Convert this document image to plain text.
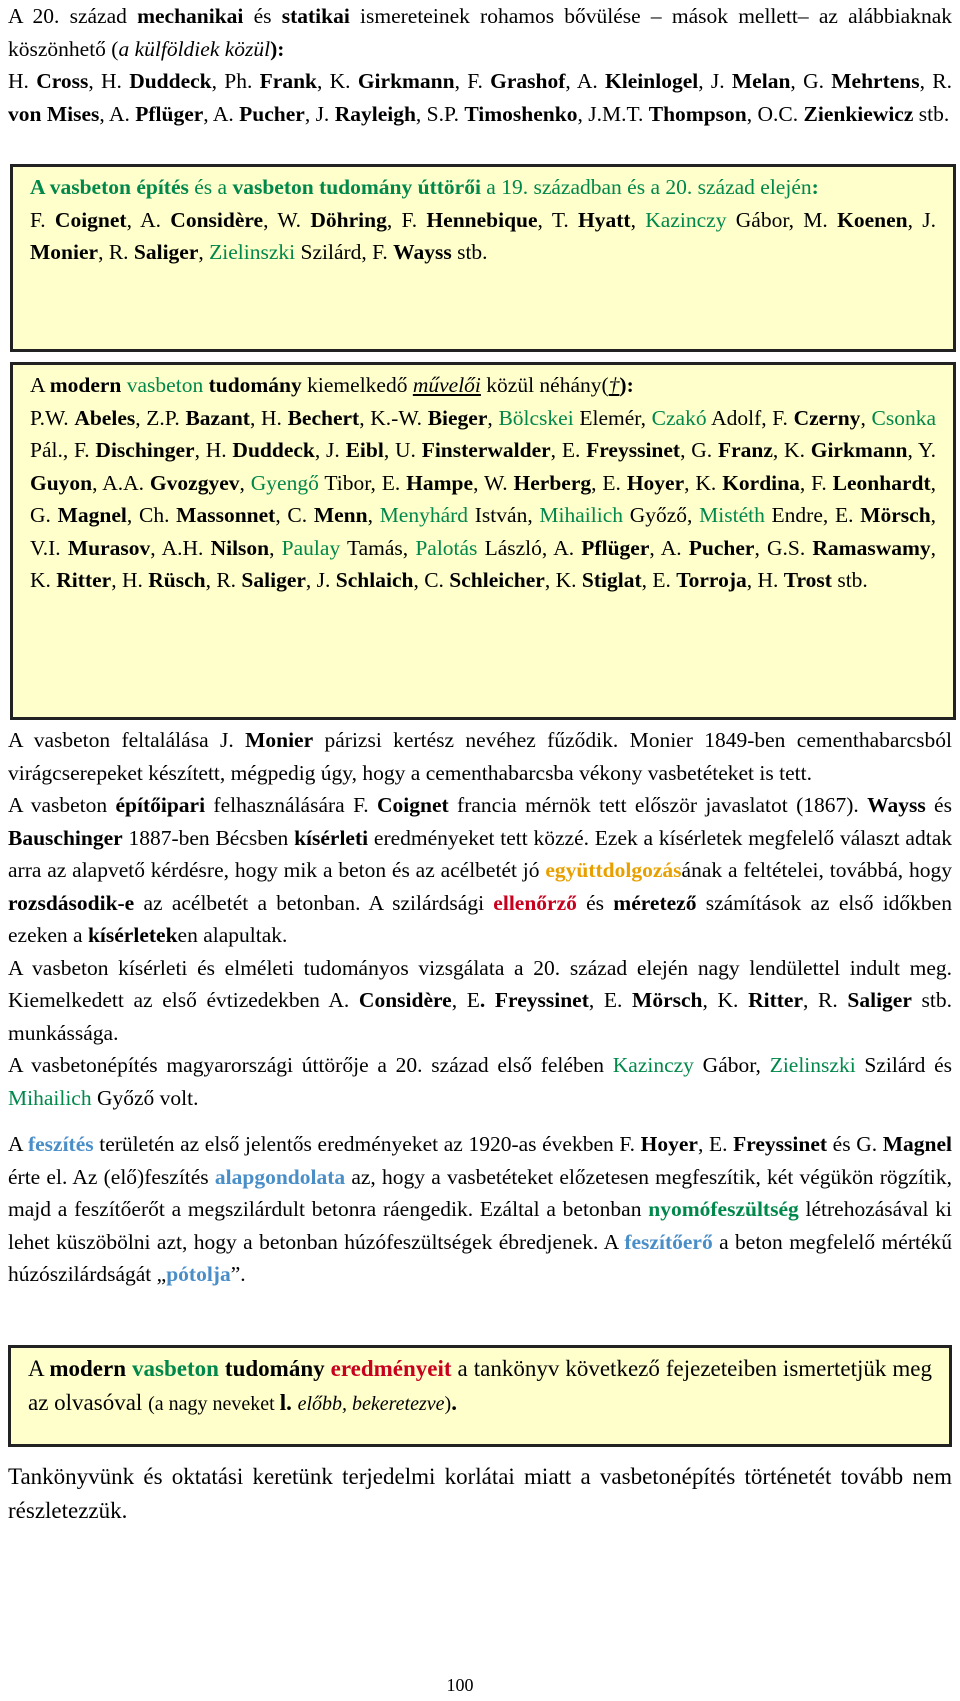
A 20. század mechanikai és statikai ismereteinek rohamos bővülése – mások mellett– az alábbiaknak köszönhető (a külföldiek közül):
H. Cross, H. Duddeck, Ph. Frank, K. Girkmann, F. Grashof, A. Kleinlogel, J. Melan, G. Mehrtens, R. von Mises, A. Pflüger, A. Pucher, J. Rayleigh, S.P. Timoshenko, J.M.T. Thompson, O.C. Zienkiewicz stb.

A vasbeton építés és a vasbeton tudomány úttörői a 19. században és a 20. század elején:
F. Coignet, A. Considère, W. Döhring, F. Hennebique, T. Hyatt, Kazinczy Gábor, M. Koenen, J. Monier, R. Saliger, Zielinszki Szilárd, F. Wayss stb.

A modern vasbeton tudomány kiemelkedő művelői közül néhány(†):
P.W. Abeles, Z.P. Bazant, H. Bechert, K.-W. Bieger, Bölcskei Elemér, Czakó Adolf, F. Czerny, Csonka Pál., F. Dischinger, H. Duddeck, J. Eibl, U. Finsterwalder, E. Freyssinet, G. Franz, K. Girkmann, Y. Guyon, A.A. Gvozgyev, Gyengő Tibor, E. Hampe, W. Herberg, E. Hoyer, K. Kordina, F. Leonhardt, G. Magnel, Ch. Massonnet, C. Menn, Menyhárd István, Mihailich Győző, Mistéth Endre, E. Mörsch, V.I. Murasov, A.H. Nilson, Paulay Tamás, Palotás László, A. Pflüger, A. Pucher, G.S. Ramaswamy, K. Ritter, H. Rüsch, R. Saliger, J. Schlaich, C. Schleicher, K. Stiglat, E. Torroja, H. Trost stb.

A vasbeton feltalálása J. Monier párizsi kertész nevéhez fűződik. Monier 1849-ben cementhabarcsból virágcserepeket készített, mégpedig úgy, hogy a cementhabarcsba vékony vasbetéteket is tett.

A vasbeton építőipari felhasználására F. Coignet francia mérnök tett először javaslatot (1867). Wayss és Bauschinger 1887-ben Bécsben kísérleti eredményeket tett közzé. Ezek a kísérletek megfelelő választ adtak arra az alapvető kérdésre, hogy mik a beton és az acélbetét jó együttdolgozásának a feltételei, továbbá, hogy rozsdásodik-e az acélbetét a betonban. A szilárdsági ellenőrző és méretező számítások az első időkben ezeken a kísérleteken alapultak.

A vasbeton kísérleti és elméleti tudományos vizsgálata a 20. század elején nagy lendülettel indult meg. Kiemelkedett az első évtizedekben A. Considère, E. Freyssinet, E. Mörsch, K. Ritter, R. Saliger stb. munkássága.

A vasbetonépítés magyarországi úttörője a 20. század első felében Kazinczy Gábor, Zielinszki Szilárd és Mihailich Győző volt.

A feszítés területén az első jelentős eredményeket az 1920-as években F. Hoyer, E. Freyssinet és G. Magnel érte el. Az (elő)feszítés alapgondolata az, hogy a vasbetéteket előzetesen megfeszítik, két végükön rögzítik, majd a feszítőerőt a megszilárdult betonra ráengedik. Ezáltal a betonban nyomófeszültség létrehozásával ki lehet küszöbölni azt, hogy a betonban húzófeszültségek ébredjenek. A feszítőerő a beton megfelelő mértékű húzószilárdságát „pótolja”.

A modern vasbeton tudomány eredményeit a tankönyv következő fejezeteiben ismertetjük meg az olvasóval (a nagy neveket l. előbb, bekeretezve).

Tankönyvünk és oktatási keretünk terjedelmi korlátai miatt a vasbetonépítés történetét tovább nem részletezzük.

100
